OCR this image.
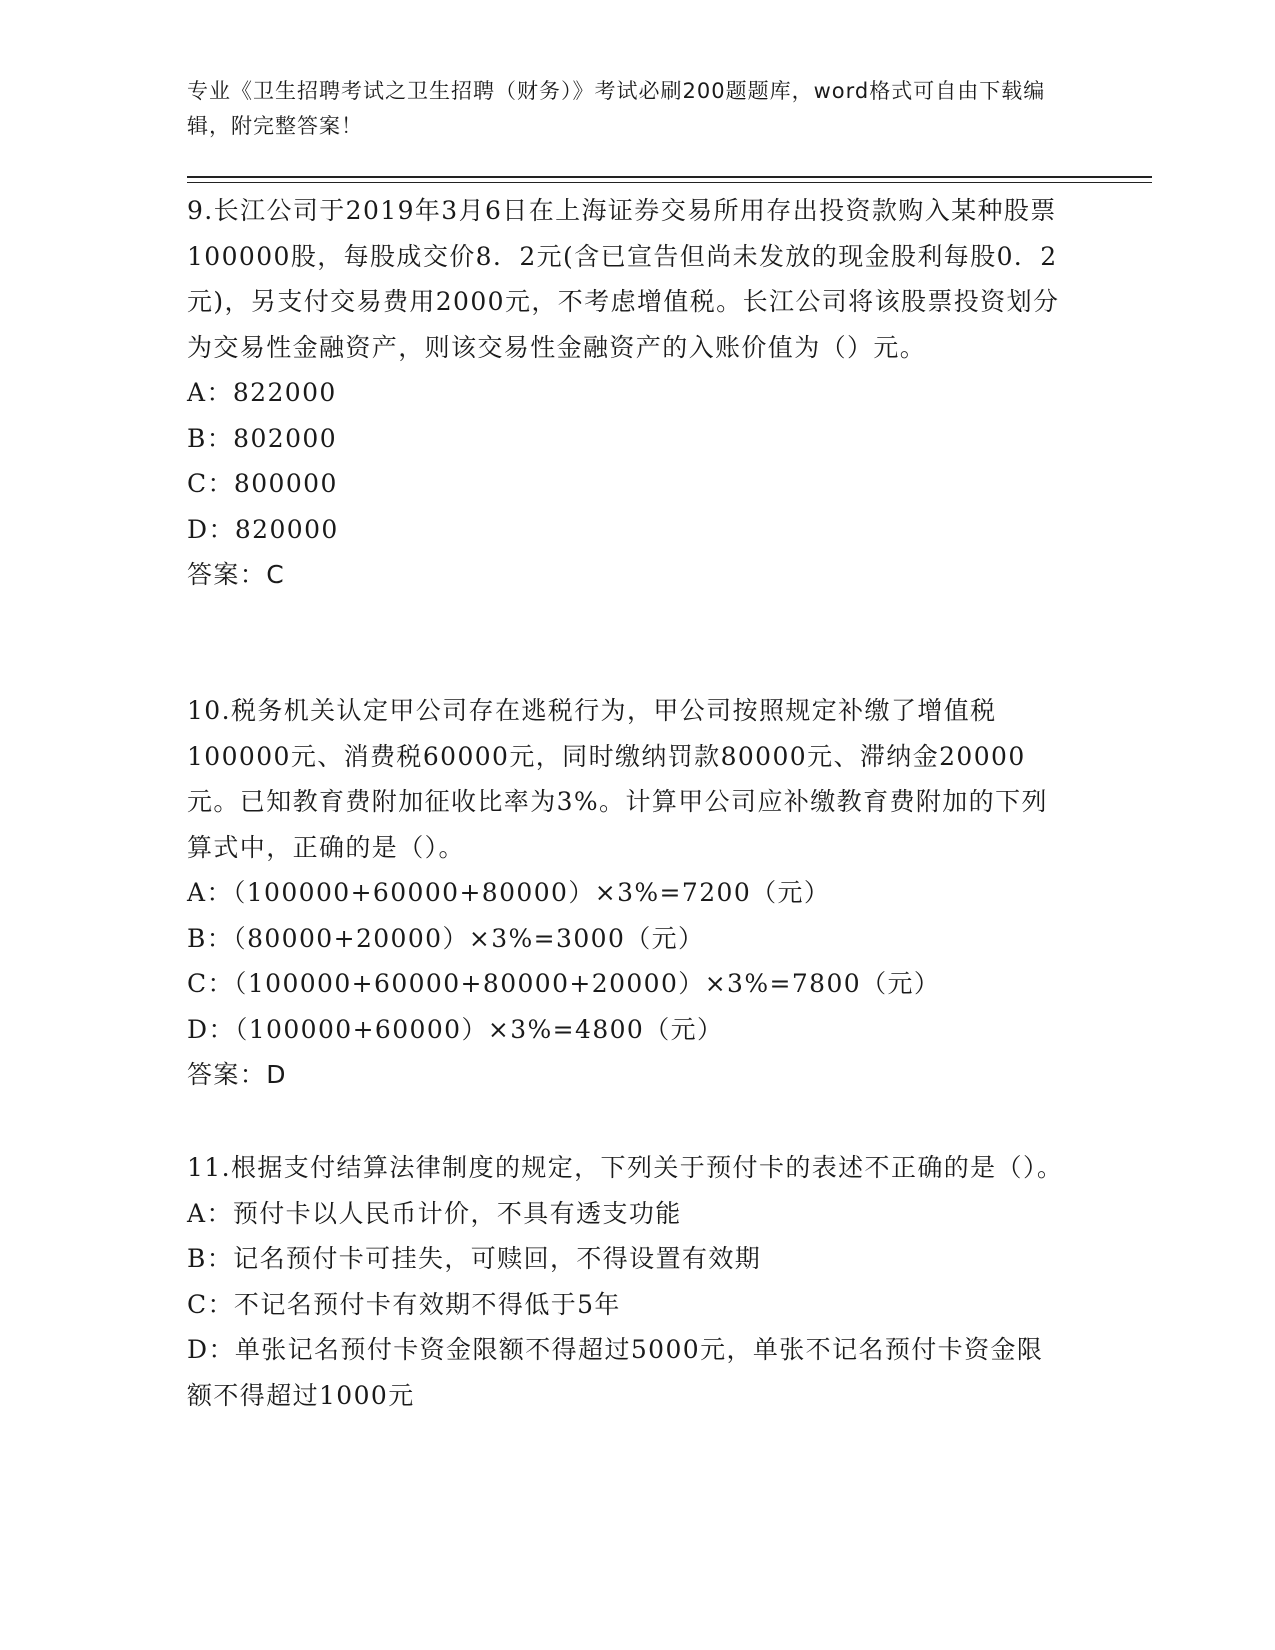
专业《卫生招聘考试之卫生招聘（财务）》考试必刷200题题库，word格式可自由下载编辑，附完整答案！

9.长江公司于2019年3月6日在上海证券交易所用存出投资款购入某种股票100000股，每股成交价8．2元(含已宣告但尚未发放的现金股利每股0．2元)，另支付交易费用2000元，不考虑增值税。长江公司将该股票投资划分为交易性金融资产，则该交易性金融资产的入账价值为（）元。

A：822000

B：802000

C：800000

D：820000

答案：C

10.税务机关认定甲公司存在逃税行为，甲公司按照规定补缴了增值税100000元、消费税60000元，同时缴纳罚款80000元、滞纳金20000元。已知教育费附加征收比率为3%。计算甲公司应补缴教育费附加的下列算式中，正确的是（）。

A：（100000+60000+80000）×3%=7200（元）

B：（80000+20000）×3%=3000（元）

C：（100000+60000+80000+20000）×3%=7800（元）

D：（100000+60000）×3%=4800（元）

答案：D

11.根据支付结算法律制度的规定，下列关于预付卡的表述不正确的是（）。

A：预付卡以人民币计价，不具有透支功能

B：记名预付卡可挂失，可赎回，不得设置有效期

C：不记名预付卡有效期不得低于5年

D：单张记名预付卡资金限额不得超过5000元，单张不记名预付卡资金限额不得超过1000元
